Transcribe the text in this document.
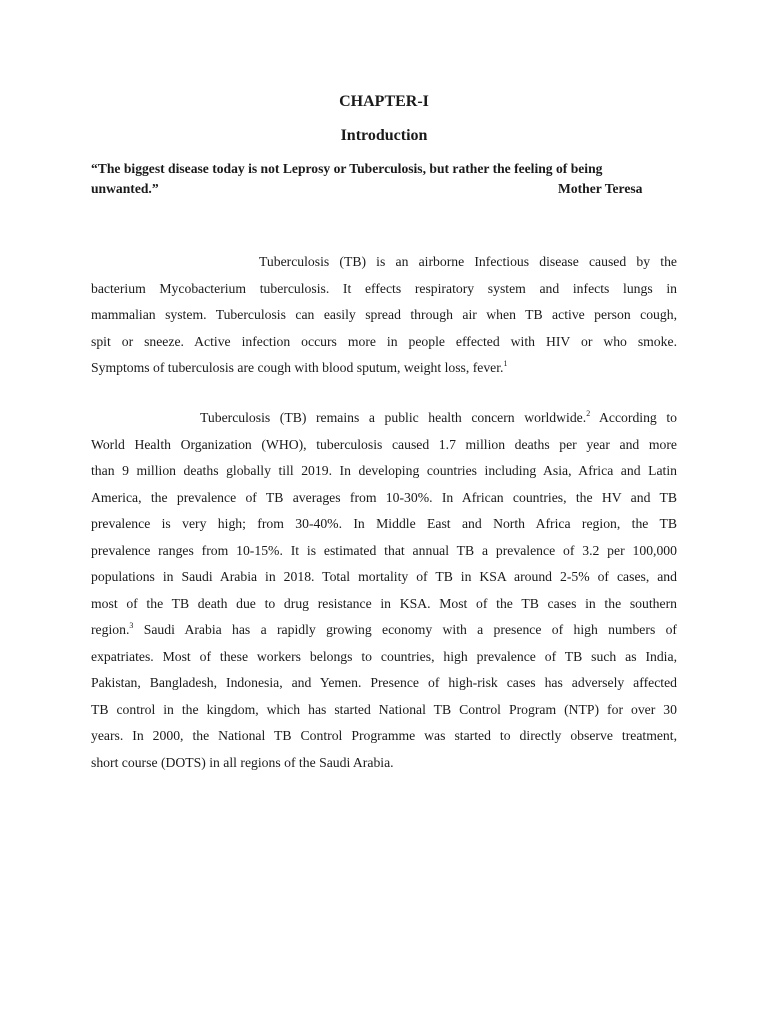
CHAPTER-I
Introduction
“The biggest disease today is not Leprosy or Tuberculosis, but rather the feeling of being
unwanted.”	Mother Teresa
Tuberculosis (TB) is an airborne Infectious disease caused by the
bacterium Mycobacterium tuberculosis. It effects respiratory system and infects lungs in
mammalian system. Tuberculosis can easily spread through air when TB active person cough,
spit or sneeze. Active infection occurs more in people effected with HIV or who smoke.
Symptoms of tuberculosis are cough with blood sputum, weight loss, fever.$^1$
Tuberculosis (TB) remains a public health concern worldwide.$^2$ According to
World Health Organization (WHO), tuberculosis caused 1.7 million deaths per year and more
than 9 million deaths globally till 2019. In developing countries including Asia, Africa and Latin
America, the prevalence of TB averages from 10-30%. In African countries, the HV and TB
prevalence is very high; from 30-40%. In Middle East and North Africa region, the TB
prevalence ranges from 10-15%. It is estimated that annual TB a prevalence of 3.2 per 100,000
populations in Saudi Arabia in 2018. Total mortality of TB in KSA around 2-5% of cases, and
most of the TB death due to drug resistance in KSA. Most of the TB cases in the southern
region.$^3$ Saudi Arabia has a rapidly growing economy with a presence of high numbers of
expatriates. Most of these workers belongs to countries, high prevalence of TB such as India,
Pakistan, Bangladesh, Indonesia, and Yemen. Presence of high-risk cases has adversely affected
TB control in the kingdom, which has started National TB Control Program (NTP) for over 30
years. In 2000, the National TB Control Programme was started to directly observe treatment,
short course (DOTS) in all regions of the Saudi Arabia.
